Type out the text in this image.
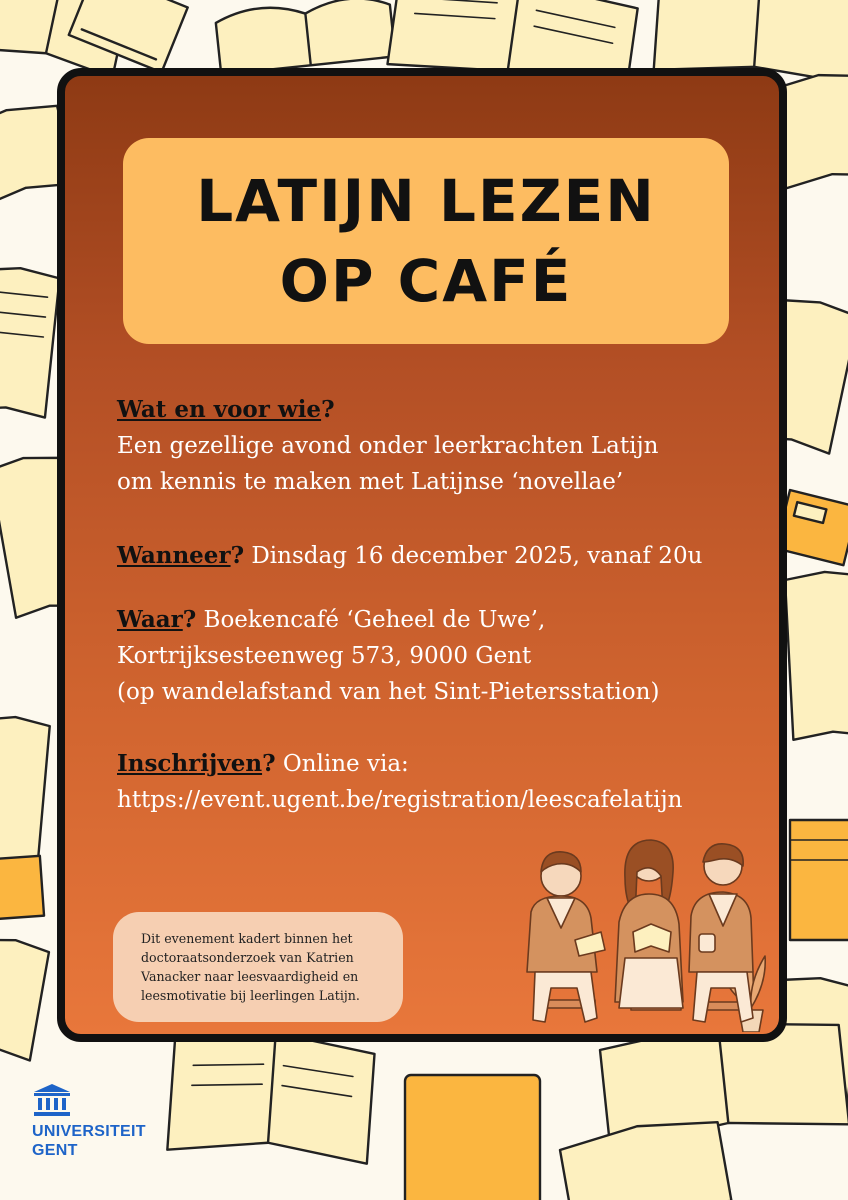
LATIJN LEZEN
OP CAFÉ
Wat en voor wie?
Een gezellige avond onder leerkrachten Latijn
om kennis te maken met Latijnse ‘novellae’
Wanneer? Dinsdag 16 december 2025, vanaf 20u
Waar? Boekencafé ‘Geheel de Uwe’,
Kortrijksesteenweg 573, 9000 Gent
(op wandelafstand van het Sint-Pietersstation)
Inschrijven? Online via:
https://event.ugent.be/registration/leescafelatijn
Dit evenement kadert binnen het
doctoraatsonderzoek van Katrien
Vanacker naar leesvaardigheid en
leesmotivatie bij leerlingen Latijn.
UNIVERSITEIT
GENT
